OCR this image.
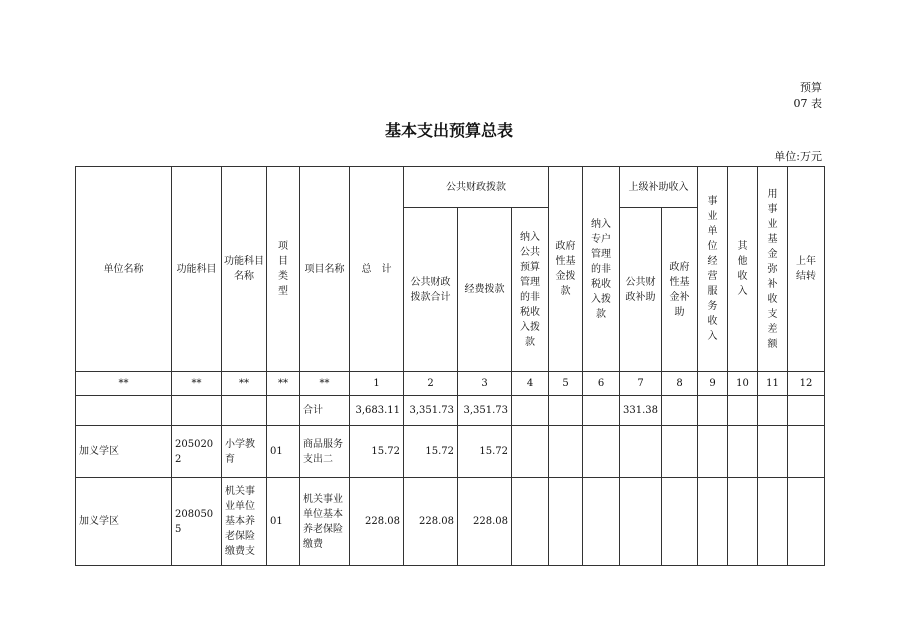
预算
07 表
基本支出预算总表
单位:万元
单位名称	功能科目	功能科目名称	项目类型	项目名称	总　计	公共财政拨款			政府性基金拨款	纳入专户管理的非税收入拨款	上级补助收入		事业单位经营服务收入	其他收入	用事业基金弥补收支差额	上年结转

						公共财政拨款合计	经费拨款	纳入公共预算管理的非税收入拨款			公共财政补助	政府性基金补助				

**	**	**	**	**	1	2	3	4	5	6	7	8	9	10	11	12
				合计	3,683.11	3,351.73	3,351.73				331.38					
加义学区	2050202	小学教育	01	商品服务支出二	15.72	15.72	15.72									
加义学区	2080505	机关事业单位基本养老保险缴费支	01	机关事业单位基本养老保险缴费	228.08	228.08	228.08									
